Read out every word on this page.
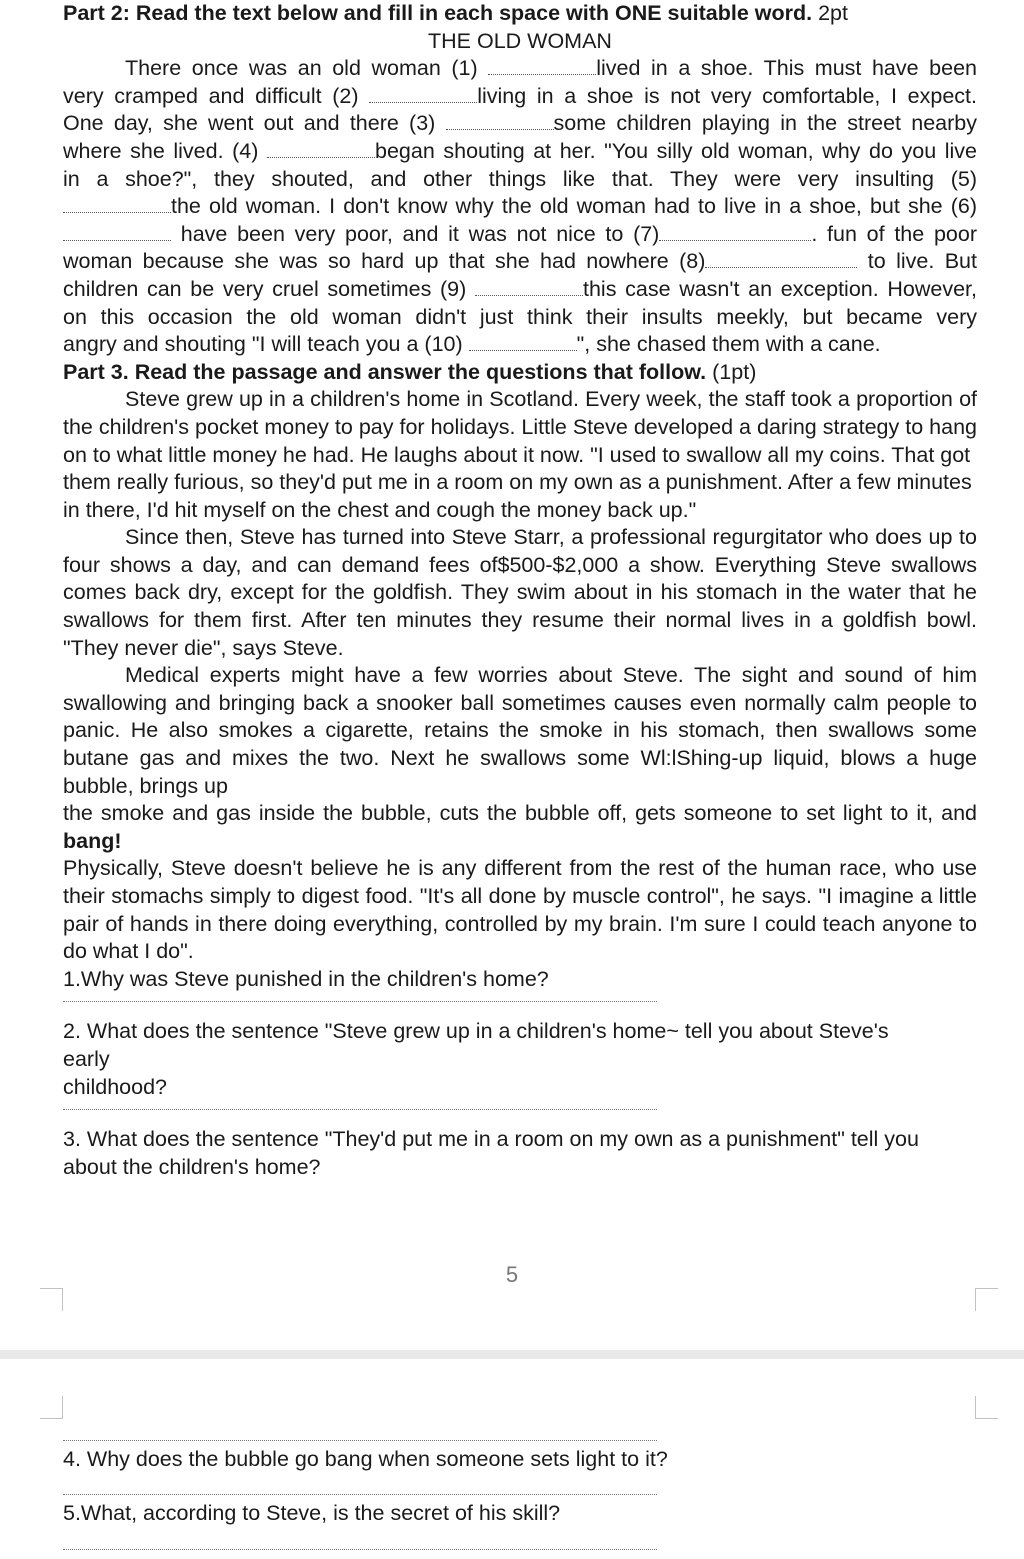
Part 2: Read the text below and fill in each space with ONE suitable word. 2pt

THE OLD WOMAN

There once was an old woman (1)	lived in a shoe. This must have been

very cramped and difficult (2)	living in a shoe is not very comfortable, I expect.

One day, she went out and there (3)	some children playing in the street nearby

where she lived. (4)	began shouting at her. "You silly old woman, why do you live

in a shoe?", they shouted, and other things like that. They were very insulting (5)

the old woman. I don't know why the old woman had to live in a shoe, but she (6)

have been very poor, and it was not nice to (7)	. fun of the poor

woman because she was so hard up that she had nowhere (8)	to live. But

children can be very cruel sometimes (9)	this case wasn't an exception. However,

on this occasion the old woman didn't just think their insults meekly, but became very

angry and shouting "I will teach you a (10)	", she chased them with a cane.

Part 3. Read the passage and answer the questions that follow. (1pt)

Steve grew up in a children's home in Scotland. Every week, the staff took a proportion of the children's pocket money to pay for holidays. Little Steve developed a daring strategy to hang on to what little money he had. He laughs about it now. "I used to swallow all my coins. That got

them really furious, so they'd put me in a room on my own as a punishment. After a few minutes

in there, I'd hit myself on the chest and cough the money back up."

Since then, Steve has turned into Steve Starr, a professional regurgitator who does up to four shows a day, and can demand fees of$500-$2,000 a show. Everything Steve swallows comes back dry, except for the goldfish. They swim about in his stomach in the water that he swallows for them first. After ten minutes they resume their normal lives in a goldfish bowl. "They never die", says Steve.

Medical experts might have a few worries about Steve. The sight and sound of him swallowing and bringing back a snooker ball sometimes causes even normally calm people to panic. He also smokes a cigarette, retains the smoke in his stomach, then swallows some butane gas and mixes the two. Next he swallows some Wl:lShing-up liquid, blows a huge bubble, brings up

the smoke and gas inside the bubble, cuts the bubble off, gets someone to set light to it, and bang!

Physically, Steve doesn't believe he is any different from the rest of the human race, who use their stomachs simply to digest food. "It's all done by muscle control", he says. "I imagine a little pair of hands in there doing everything, controlled by my brain. I'm sure I could teach anyone to do what I do".

1.Why was Steve punished in the children's home?

2. What does the sentence "Steve grew up in a children's home~ tell you about Steve's

early

childhood?

3. What does the sentence "They'd put me in a room on my own as a punishment" tell you

about the children's home?

5
4. Why does the bubble go bang when someone sets light to it?
5.What, according to Steve, is the secret of his skill?
